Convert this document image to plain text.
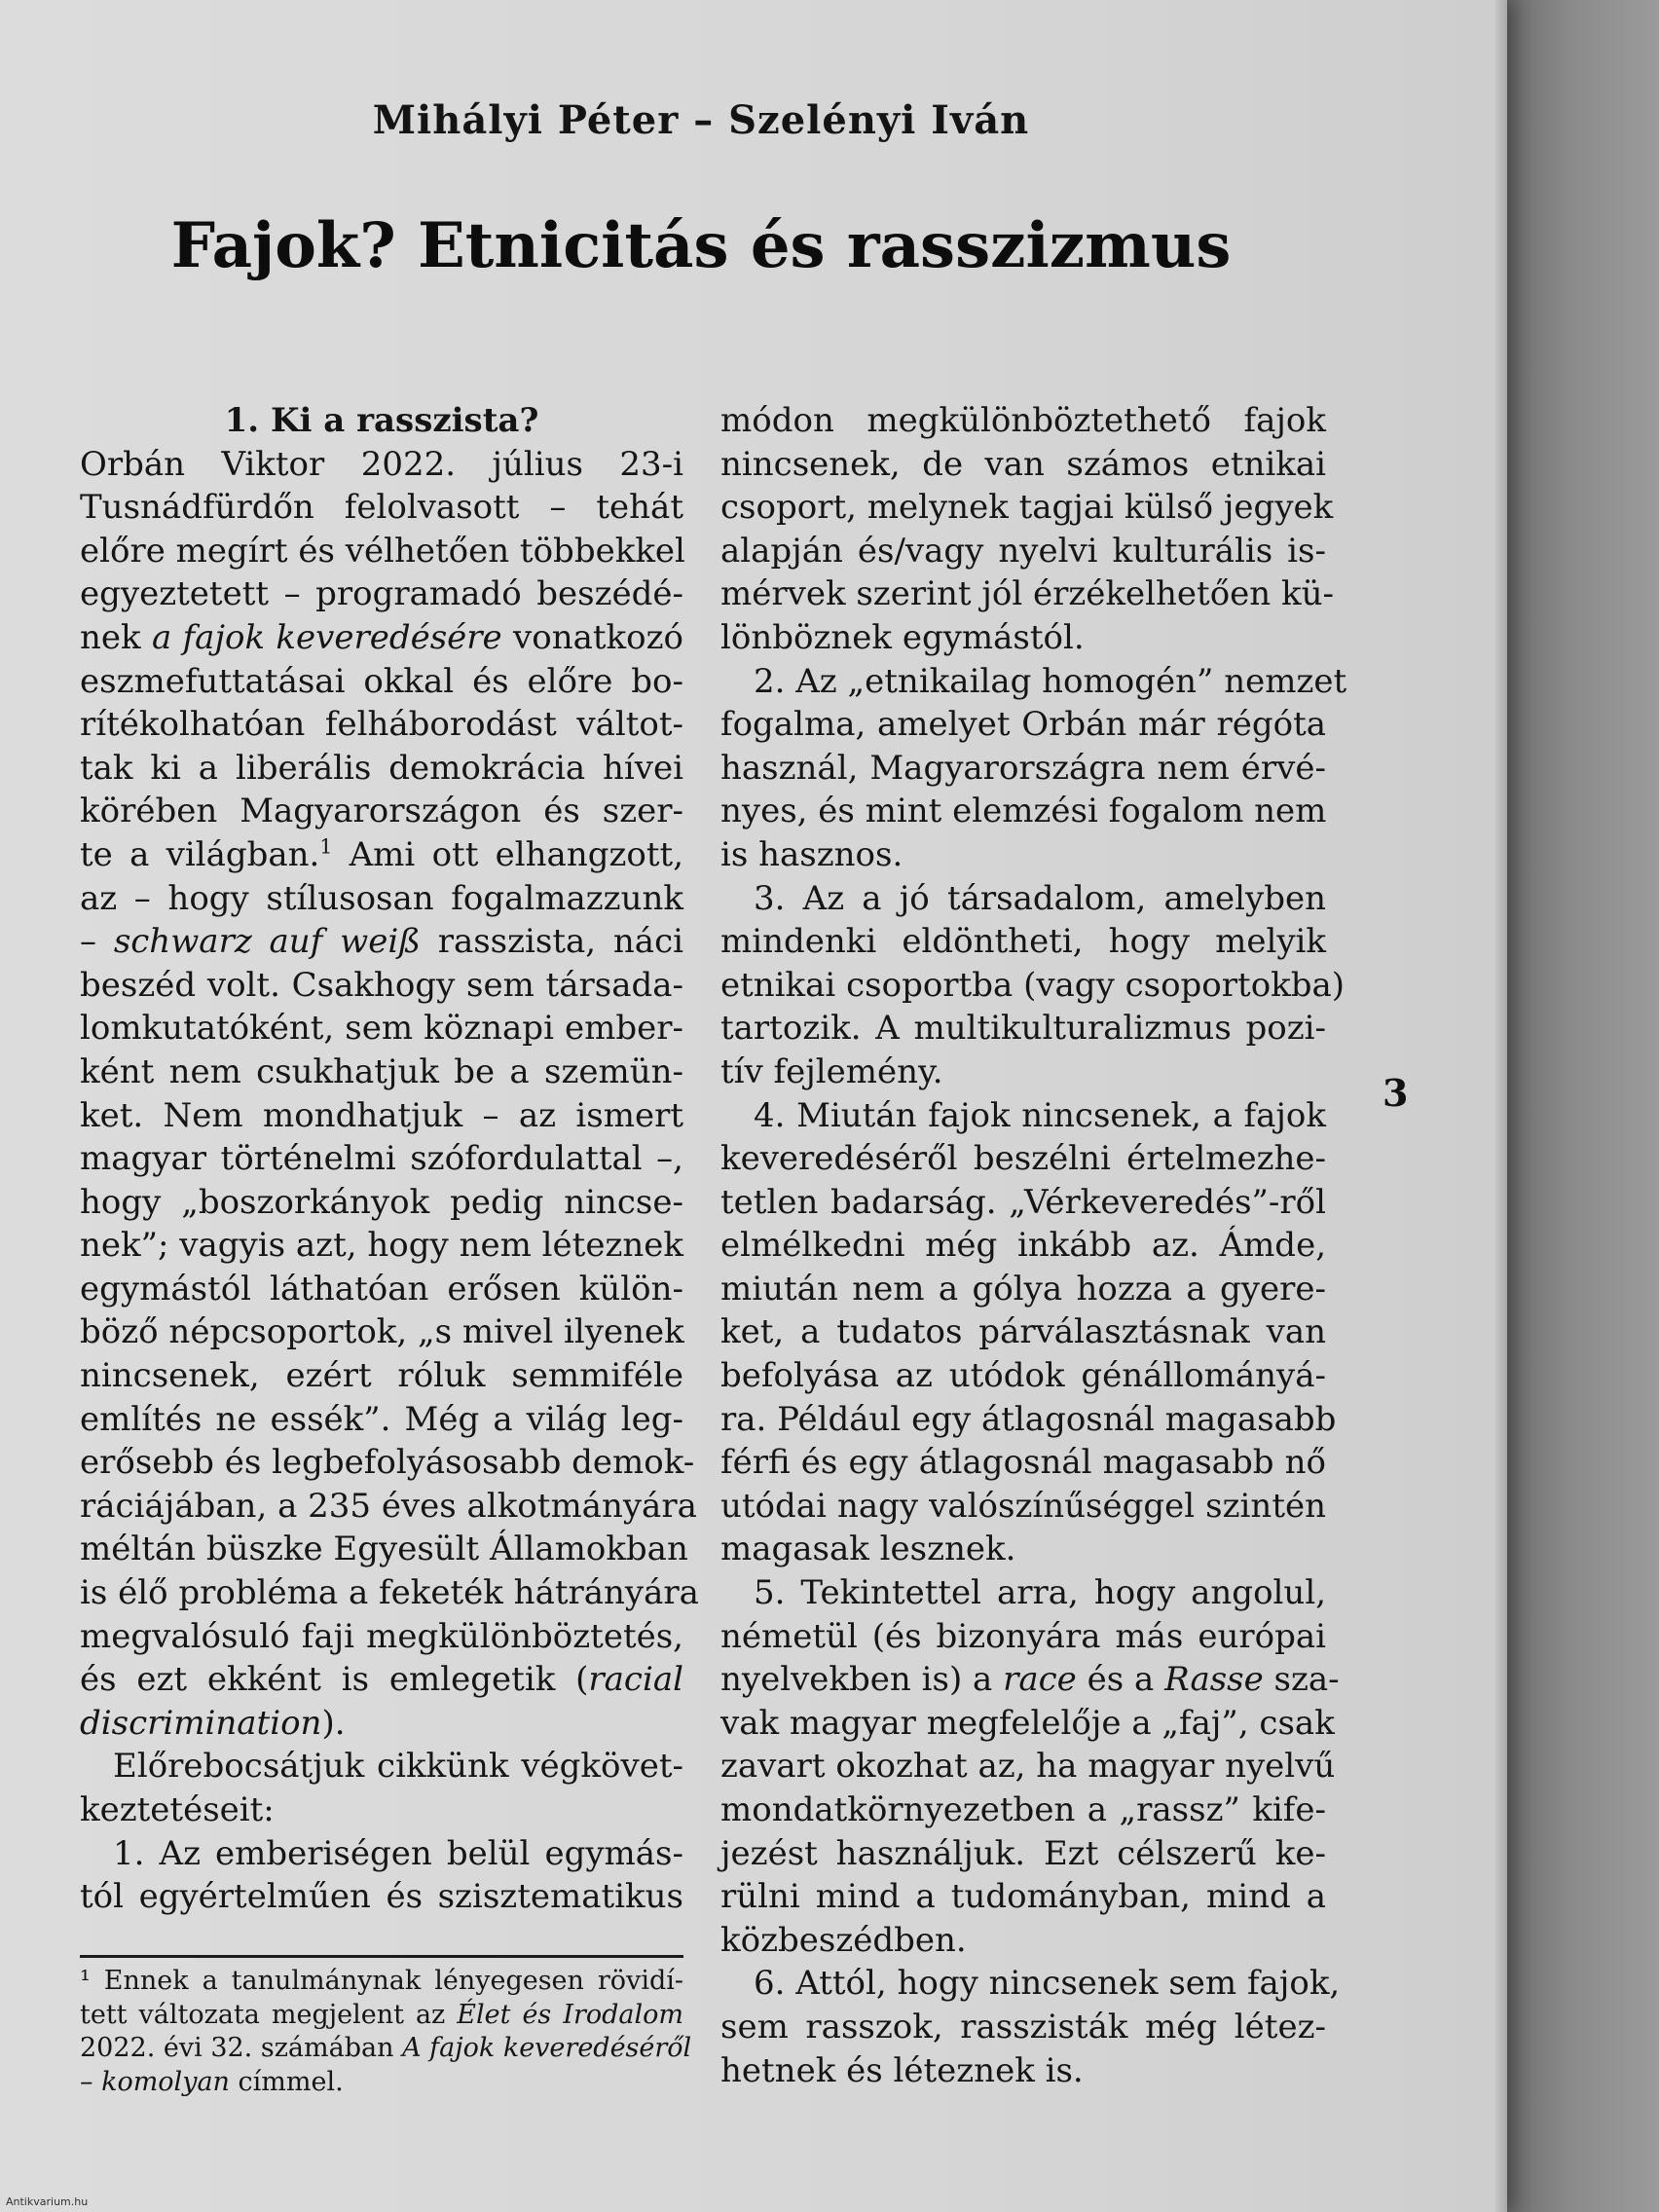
Mihályi Péter – Szelényi Iván
Fajok? Etnicitás és rasszizmus
1. Ki a rasszista?
Orbán Viktor 2022. július 23-i
Tusnádfürdőn felolvasott – tehát
előre megírt és vélhetően többekkel
egyeztetett – programadó beszédé-
nek a fajok keveredésére vonatkozó
eszmefuttatásai okkal és előre bo-
rítékolhatóan felháborodást váltot-
tak ki a liberális demokrácia hívei
körében Magyarországon és szer-
te a világban.$^1$ Ami ott elhangzott,
az – hogy stílusosan fogalmazzunk
– schwarz auf weiß rasszista, náci
beszéd volt. Csakhogy sem társada-
lomkutatóként, sem köznapi ember-
ként nem csukhatjuk be a szemün-
ket. Nem mondhatjuk – az ismert
magyar történelmi szófordulattal –,
hogy „boszorkányok pedig nincse-
nek”; vagyis azt, hogy nem léteznek
egymástól láthatóan erősen külön-
böző népcsoportok, „s mivel ilyenek
nincsenek, ezért róluk semmiféle
említés ne essék”. Még a világ leg-
erősebb és legbefolyásosabb demok-
ráciájában, a 235 éves alkotmányára
méltán büszke Egyesült Államokban
is élő probléma a feketék hátrányára
megvalósuló faji megkülönböztetés,
és ezt ekként is emlegetik (racial
discrimination).
Előrebocsátjuk cikkünk végkövet-
keztetéseit:
1. Az emberiségen belül egymás-
tól egyértelműen és szisztematikus
módon megkülönböztethető fajok
nincsenek, de van számos etnikai
csoport, melynek tagjai külső jegyek
alapján és/vagy nyelvi kulturális is-
mérvek szerint jól érzékelhetően kü-
lönböznek egymástól.
2. Az „etnikailag homogén” nemzet
fogalma, amelyet Orbán már régóta
használ, Magyarországra nem érvé-
nyes, és mint elemzési fogalom nem
is hasznos.
3. Az a jó társadalom, amelyben
mindenki eldöntheti, hogy melyik
etnikai csoportba (vagy csoportokba)
tartozik. A multikulturalizmus pozi-
tív fejlemény.
4. Miután fajok nincsenek, a fajok
keveredéséről beszélni értelmezhe-
tetlen badarság. „Vérkeveredés”-ről
elmélkedni még inkább az. Ámde,
miután nem a gólya hozza a gyere-
ket, a tudatos párválasztásnak van
befolyása az utódok génállományá-
ra. Például egy átlagosnál magasabb
férfi és egy átlagosnál magasabb nő
utódai nagy valószínűséggel szintén
magasak lesznek.
5. Tekintettel arra, hogy angolul,
németül (és bizonyára más európai
nyelvekben is) a race és a Rasse sza-
vak magyar megfelelője a „faj”, csak
zavart okozhat az, ha magyar nyelvű
mondatkörnyezetben a „rassz” kife-
jezést használjuk. Ezt célszerű ke-
rülni mind a tudományban, mind a
közbeszédben.
6. Attól, hogy nincsenek sem fajok,
sem rasszok, rasszisták még létez-
hetnek és léteznek is.
¹ Ennek a tanulmánynak lényegesen rövidí-
tett változata megjelent az Élet és Irodalom
2022. évi 32. számában A fajok keveredéséről
– komolyan címmel.
3
Antikvarium.hu
